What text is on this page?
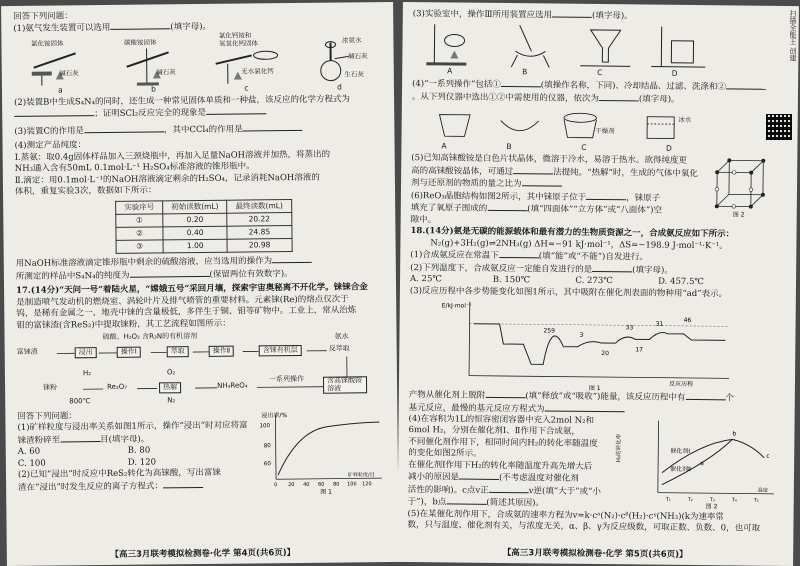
回答下列问题：
(1)氨气发生装置可以选用	(填字母)。
氯化铵固体
碱石灰
a
碳酸铵固体
碱石灰
b
氯化钙铵和
氢氧化钙固体
无水氯化钙
c
浓氨水
碱石灰
生石灰
d
(2)装置B中生成S₄N₄的同时，还生成一种常见固体单质和一种盐，该反应的化学方程式为
；证明SCl₂反应完全的现象是
(3)装置C的作用是	，其中CCl₄的作用是
(4)测定产品纯度：
Ⅰ.蒸氨：取0.4g固体样品加入三颈烧瓶中，再加入足量NaOH溶液并加热，将蒸出的
NH₃通入含有50mL 0.1mol·L⁻¹ H₂SO₄标准溶液的锥形瓶中。
Ⅱ.滴定：用0.1mol·L⁻¹的NaOH溶液滴定剩余的H₂SO₄，记录消耗NaOH溶液的
体积，重复实验3次，数据如下所示：
实验序号	初始读数(mL)	最终读数(mL)
①	0.20	20.22
②	0.40	24.85
③	1.00	20.98
用NaOH标准溶液滴定锥形瓶中剩余的硫酸溶液，应当选用的操作为
所测定的样品中S₄N₄的纯度为	(保留两位有效数字)。
17.(14分)“天问一号”着陆火星，“嫦娥五号”采回月壤，探索宇宙奥秘离不开化学。铼铼合金
是制造喷气发动机的燃烧室、涡轮叶片及排气喷管的重要材料。元素铼(Re)的熔点仅次于
钨，是稀有金属之一，地壳中铼的含量极低，多伴生于铜、钼等矿物中。工业上，常从治炼
钼的富铼渣(含ReS₂)中提取铼粉，其工艺流程如图所示：
硫酸、H₂O₂ 含R₃N的有机溶剂
富铼渣	浸出	操作Ⅰ	萃取	操作Ⅱ	含铼有机层
氨水
反萃取
含高铼酸铵溶液
H₂	O₂
铼粉
800℃
Re₂O₇	热解	NH₄ReO₄
一系列操作
N₂
回答下列问题：
(1)矿样粒度与浸出率关系如图1所示，操作“浸出”时对应将富
铼渣粉碎至	目(填字母)。
A. 60	B. 80
C. 100	D. 120
(2)已知“浸出”时反应中ReS₂转化为高铼酸，写出富铼
渣在“浸出”时发生反应的离子方程式：
浸出率/%
60
80
100
0 20 40 60 80 100 120
矿样粒度/目
图 1
【高三3月联考模拟检测卷·化学 第4页(共6页)】
(3)实验室中，操作Ⅲ所用装置应选用	(填字母)。
A	B	C	D
(4)“一系列操作”包括①	(填操作名称，下同)、冷却结晶、过滤、洗涤和②
。从下列仪器中选出①②中需使用的仪器，依次为	(填字母)。
A	B
干燥剂
C
冰水
D
(5)已知高铼酸铵是白色片状晶体，微溶于冷水，易溶于热水。欲得纯度更
高的高铼酸铵晶体，可通过	法提纯。“热解”时，生成的气体中氧化
剂与还原剂的物质的量之比为
(6)ReO₃晶胞结构如图2所示，其中铼原子位于	，铼原子
填充了氧原子围成的	(填“四面体”“立方体”或“八面体”)空
隙中。	图 2
18.(14分)氨是无碳的能源载体和最有潜力的生物质资源之一，合成氨反应如下所示：
N₂(g)+3H₂(g)⇌2NH₃(g) ΔH=−91 kJ·mol⁻¹，ΔS=−198.9 J·mol⁻¹·K⁻¹。
(1)合成氨反应在常温下	(填“能”或“不能”)自发进行。
(2)下列温度下，合成氨反应一定能自发进行的是	(填字母)。
A. 25℃	B. 150℃	C. 273℃	D. 457.5℃
(3)反应历程中各步势能变化如图1所示，其中吸附在催化剂表面的物种用“ad”表示。
E/kJ·mol⁻¹
259	33
31
46
3
20
17
反应历程
图 1
产物从催化剂上脱附	(填“释放”或“吸收”)能量，该反应历程中有	个
基元反应，最慢的基元反应方程式为
(4)在容积为1L的恒容密闭容器中充入2mol N₂和
6mol H₂，分别在催化剂Ⅰ、Ⅱ作用下合成氨，
不同催化剂作用下，相同时间内H₂的转化率随温度
的变化如图2所示。
在催化剂Ⅰ作用下H₂的转化率随温度升高先增大后
减小的原因是	(不考虑温度对催化剂
活性的影响)。c点v正	v逆(填“大于”或“小
于”)，b点	(简述其原因)。
H₂的转化率	催化剂Ⅰ
催化剂Ⅱ
a
b
c
T₁	T₂	T₃	T₄	T₅
温度
图 2
(5)在某催化剂作用下，合成氨的速率方程为v=k·cᵃ(N₂)·cᵝ(H₂)·cᵞ(NH₃)(k为速率常
数，只与温度、催化剂有关，与浓度无关，α、β、γ为反应级数，可取正数、负数、0，也可取
【高三3月联考模拟检测卷·化学 第5页(共6页)】
扫描全能王 创建
